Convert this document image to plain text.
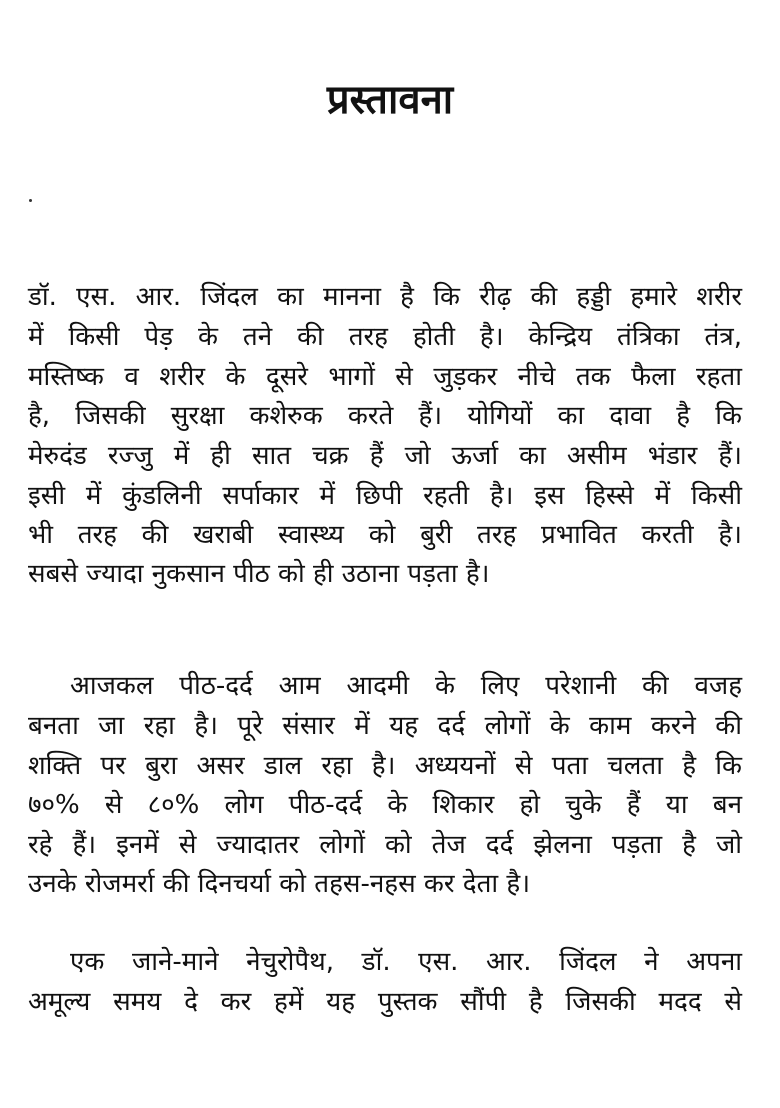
प्रस्तावना
डॉ. एस. आर. जिंदल का मानना है कि रीढ़ की हड्डी हमारे शरीर
में किसी पेड़ के तने की तरह होती है। केन्द्रिय तंत्रिका तंत्र,
मस्तिष्क व शरीर के दूसरे भागों से जुड़कर नीचे तक फैला रहता
है, जिसकी सुरक्षा कशेरुक करते हैं। योगियों का दावा है कि
मेरुदंड रज्जु में ही सात चक्र हैं जो ऊर्जा का असीम भंडार हैं।
इसी में कुंडलिनी सर्पाकार में छिपी रहती है। इस हिस्से में किसी
भी तरह की खराबी स्वास्थ्य को बुरी तरह प्रभावित करती है।
सबसे ज्यादा नुकसान पीठ को ही उठाना पड़ता है।
आजकल पीठ-दर्द आम आदमी के लिए परेशानी की वजह
बनता जा रहा है। पूरे संसार में यह दर्द लोगों के काम करने की
शक्ति पर बुरा असर डाल रहा है। अध्ययनों से पता चलता है कि
७०% से ८०% लोग पीठ-दर्द के शिकार हो चुके हैं या बन
रहे हैं। इनमें से ज्यादातर लोगों को तेज दर्द झेलना पड़ता है जो
उनके रोजमर्रा की दिनचर्या को तहस-नहस कर देता है।
एक जाने-माने नेचुरोपैथ, डॉ. एस. आर. जिंदल ने अपना
अमूल्य समय दे कर हमें यह पुस्तक सौंपी है जिसकी मदद से
